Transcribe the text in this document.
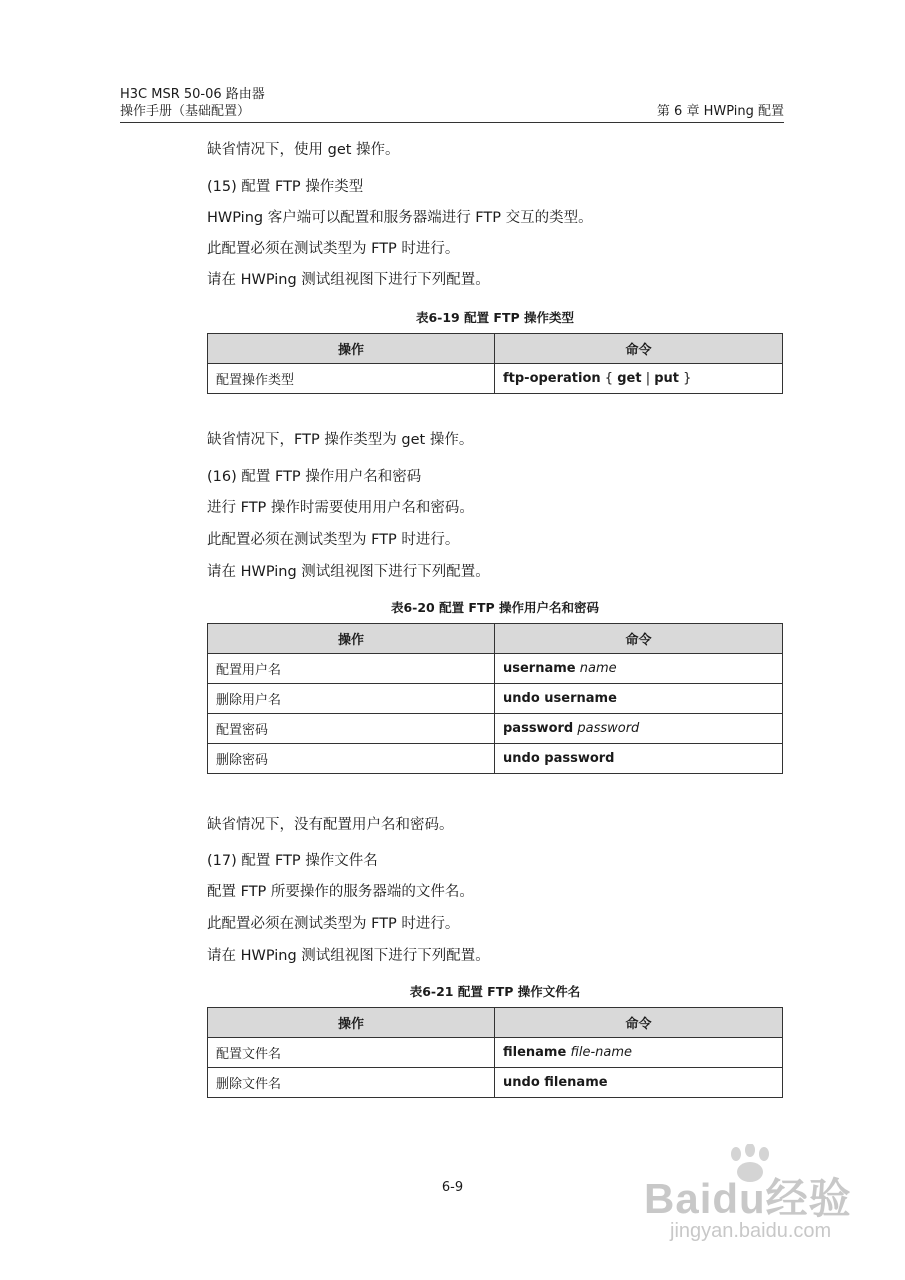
H3C MSR 50-06 路由器
操作手册（基础配置）	第 6 章 HWPing 配置
缺省情况下，使用 get 操作。
(15) 配置 FTP 操作类型
HWPing 客户端可以配置和服务器端进行 FTP 交互的类型。
此配置必须在测试类型为 FTP 时进行。
请在 HWPing 测试组视图下进行下列配置。
表6-19 配置 FTP 操作类型
操作	命令
配置操作类型	ftp-operation { get | put }
缺省情况下，FTP 操作类型为 get 操作。
(16) 配置 FTP 操作用户名和密码
进行 FTP 操作时需要使用用户名和密码。
此配置必须在测试类型为 FTP 时进行。
请在 HWPing 测试组视图下进行下列配置。
表6-20 配置 FTP 操作用户名和密码
操作	命令
配置用户名	username name
删除用户名	undo username
配置密码	password password
删除密码	undo password
缺省情况下，没有配置用户名和密码。
(17) 配置 FTP 操作文件名
配置 FTP 所要操作的服务器端的文件名。
此配置必须在测试类型为 FTP 时进行。
请在 HWPing 测试组视图下进行下列配置。
表6-21 配置 FTP 操作文件名
操作	命令
配置文件名	filename file-name
删除文件名	undo filename
6-9	Baidu经验
jingyan.baidu.com
